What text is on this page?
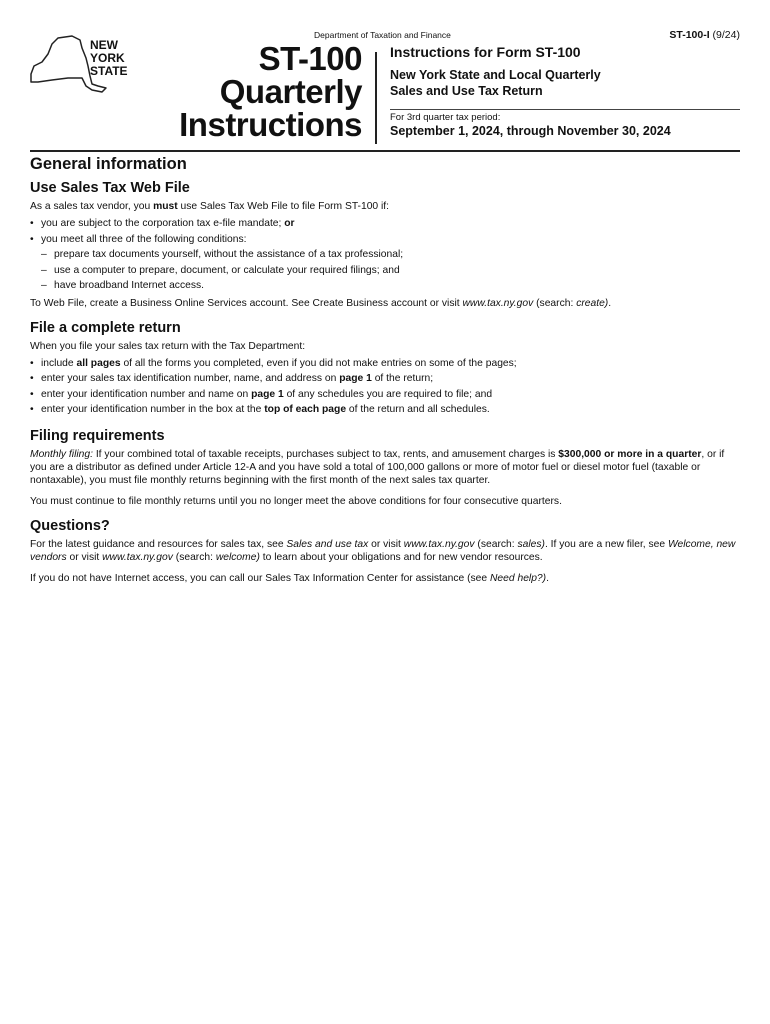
NEW
YORK
STATE
Department of Taxation and Finance	ST-100-I (9/24)
ST-100
Quarterly
Instructions
Instructions for Form ST-100
New York State and Local Quarterly
Sales and Use Tax Return
For 3rd quarter tax period:
September 1, 2024, through November 30, 2024
General information
Use Sales Tax Web File

As a sales tax vendor, you must use Sales Tax Web File to file Form ST-100 if:

• you are subject to the corporation tax e-file mandate; or
• you meet all three of the following conditions:
– prepare tax documents yourself, without the assistance of a tax professional;
– use a computer to prepare, document, or calculate your required filings; and
– have broadband Internet access.

To Web File, create a Business Online Services account. See Create Business account or visit www.tax.ny.gov (search: create).

File a complete return

When you file your sales tax return with the Tax Department:

• include all pages of all the forms you completed, even if you did not make entries on some of the pages;
• enter your sales tax identification number, name, and address on page 1 of the return;
• enter your identification number and name on page 1 of any schedules you are required to file; and
• enter your identification number in the box at the top of each page of the return and all schedules.
Filing requirements

Monthly filing: If your combined total of taxable receipts, purchases subject to tax, rents, and amusement charges is $300,000 or more in a quarter, or if you are a distributor as defined under Article 12-A and you have sold a total of 100,000 gallons or more of motor fuel or diesel motor fuel (taxable or nontaxable), you must file monthly returns beginning with the first month of the next sales tax quarter.

You must continue to file monthly returns until you no longer meet the above conditions for four consecutive quarters.

Questions?

For the latest guidance and resources for sales tax, see Sales and use tax or visit www.tax.ny.gov (search: sales). If you are a new filer, see Welcome, new vendors or visit www.tax.ny.gov (search: welcome) to learn about your obligations and for new vendor resources.

If you do not have Internet access, you can call our Sales Tax Information Center for assistance (see Need help?).
